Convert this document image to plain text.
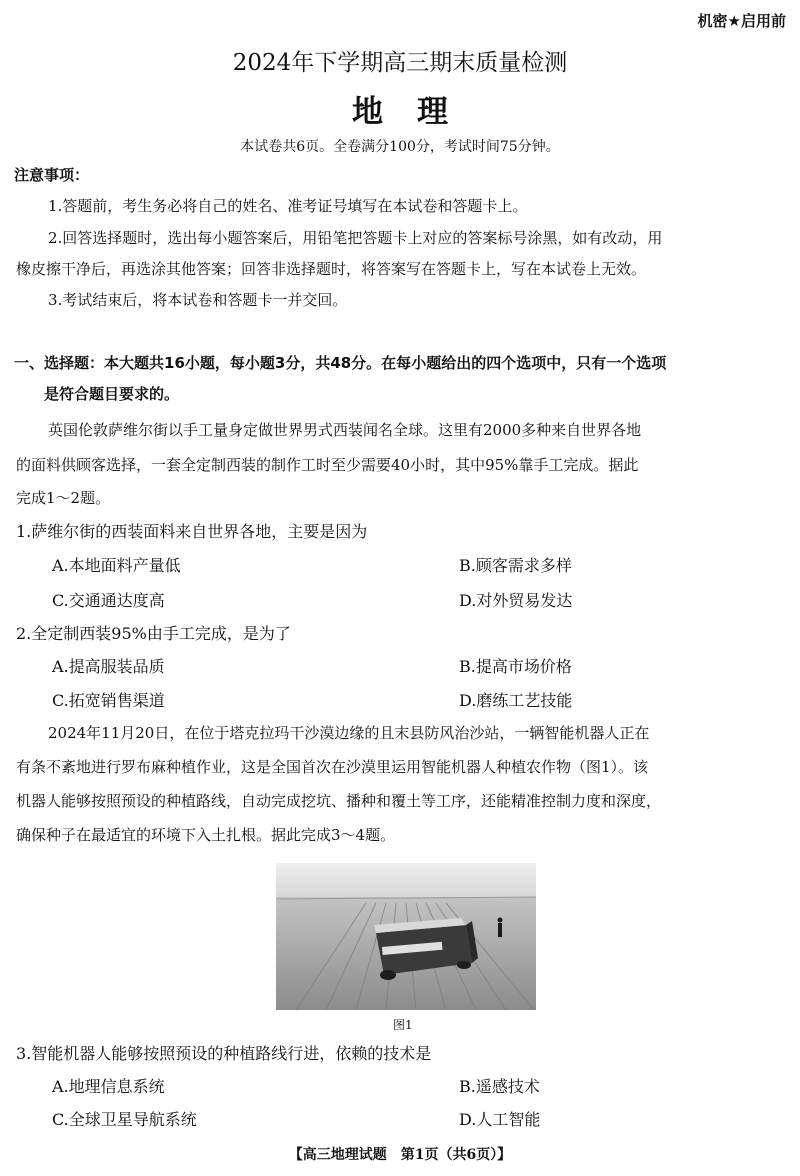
机密★启用前
2024年下学期高三期末质量检测
地理
本试卷共6页。全卷满分100分，考试时间75分钟。
注意事项：
1.答题前，考生务必将自己的姓名、准考证号填写在本试卷和答题卡上。
2.回答选择题时，选出每小题答案后，用铅笔把答题卡上对应的答案标号涂黑，如有改动，用
橡皮擦干净后，再选涂其他答案；回答非选择题时，将答案写在答题卡上，写在本试卷上无效。
3.考试结束后，将本试卷和答题卡一并交回。
一、选择题：本大题共16小题，每小题3分，共48分。在每小题给出的四个选项中，只有一个选项
是符合题目要求的。
英国伦敦萨维尔街以手工量身定做世界男式西装闻名全球。这里有2000多种来自世界各地
的面料供顾客选择，一套全定制西装的制作工时至少需要40小时，其中95%靠手工完成。据此
完成1～2题。
1.萨维尔街的西装面料来自世界各地，主要是因为
A.本地面料产量低	B.顾客需求多样
C.交通通达度高	D.对外贸易发达
2.全定制西装95%由手工完成，是为了
A.提高服装品质	B.提高市场价格
C.拓宽销售渠道	D.磨练工艺技能
2024年11月20日，在位于塔克拉玛干沙漠边缘的且末县防风治沙站，一辆智能机器人正在
有条不紊地进行罗布麻种植作业，这是全国首次在沙漠里运用智能机器人种植农作物（图1）。该
机器人能够按照预设的种植路线，自动完成挖坑、播种和覆土等工序，还能精准控制力度和深度，
确保种子在最适宜的环境下入土扎根。据此完成3～4题。
图1
3.智能机器人能够按照预设的种植路线行进，依赖的技术是
A.地理信息系统	B.遥感技术
C.全球卫星导航系统	D.人工智能
【高三地理试题　第1页（共6页）】
